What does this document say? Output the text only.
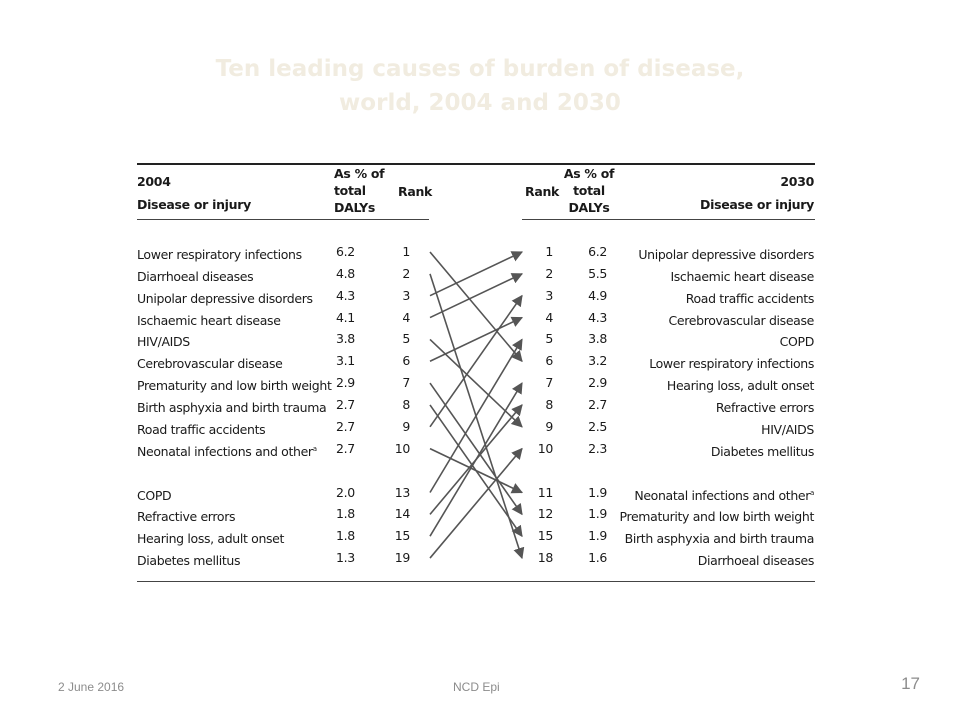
Ten leading causes of burden of disease,
world, 2004 and 2030
2004
Disease or injury
As % of
total
DALYs
Rank	Rank
As % of
total
DALYs
2030
Disease or injury
Lower respiratory infections	6.2	1	1	6.2	Unipolar depressive disorders
Diarrhoeal diseases	4.8	2	2	5.5	Ischaemic heart disease
Unipolar depressive disorders 4.3	3	3	4.9	Road traffic accidents
Ischaemic heart disease	4.1	4	4	4.3	Cerebrovascular disease
HIV/AIDS	3.8	5	5	3.8	COPD
Cerebrovascular disease	3.1	6	6	3.2	Lower respiratory infections
Prematurity and low birth weight 2.9	7	7	2.9	Hearing loss, adult onset
Birth asphyxia and birth trauma 2.7	8	8	2.7	Refractive errors
Road traffic accidents	2.7	9	9	2.5	HIV/AIDS
Neonatal infections and other$^a$ 2.7	10	10	2.3	Diabetes mellitus
COPD	2.0	13	11	1.9 Neonatal infections and other$^a$
Refractive errors	1.8	14	12	1.9 Prematurity and low birth weight
Hearing loss, adult onset	1.8	15	15	1.9 Birth asphyxia and birth trauma
Diabetes mellitus	1.3	19	18	1.6	Diarrhoeal diseases
2 June 2016	NCD Epi	17
